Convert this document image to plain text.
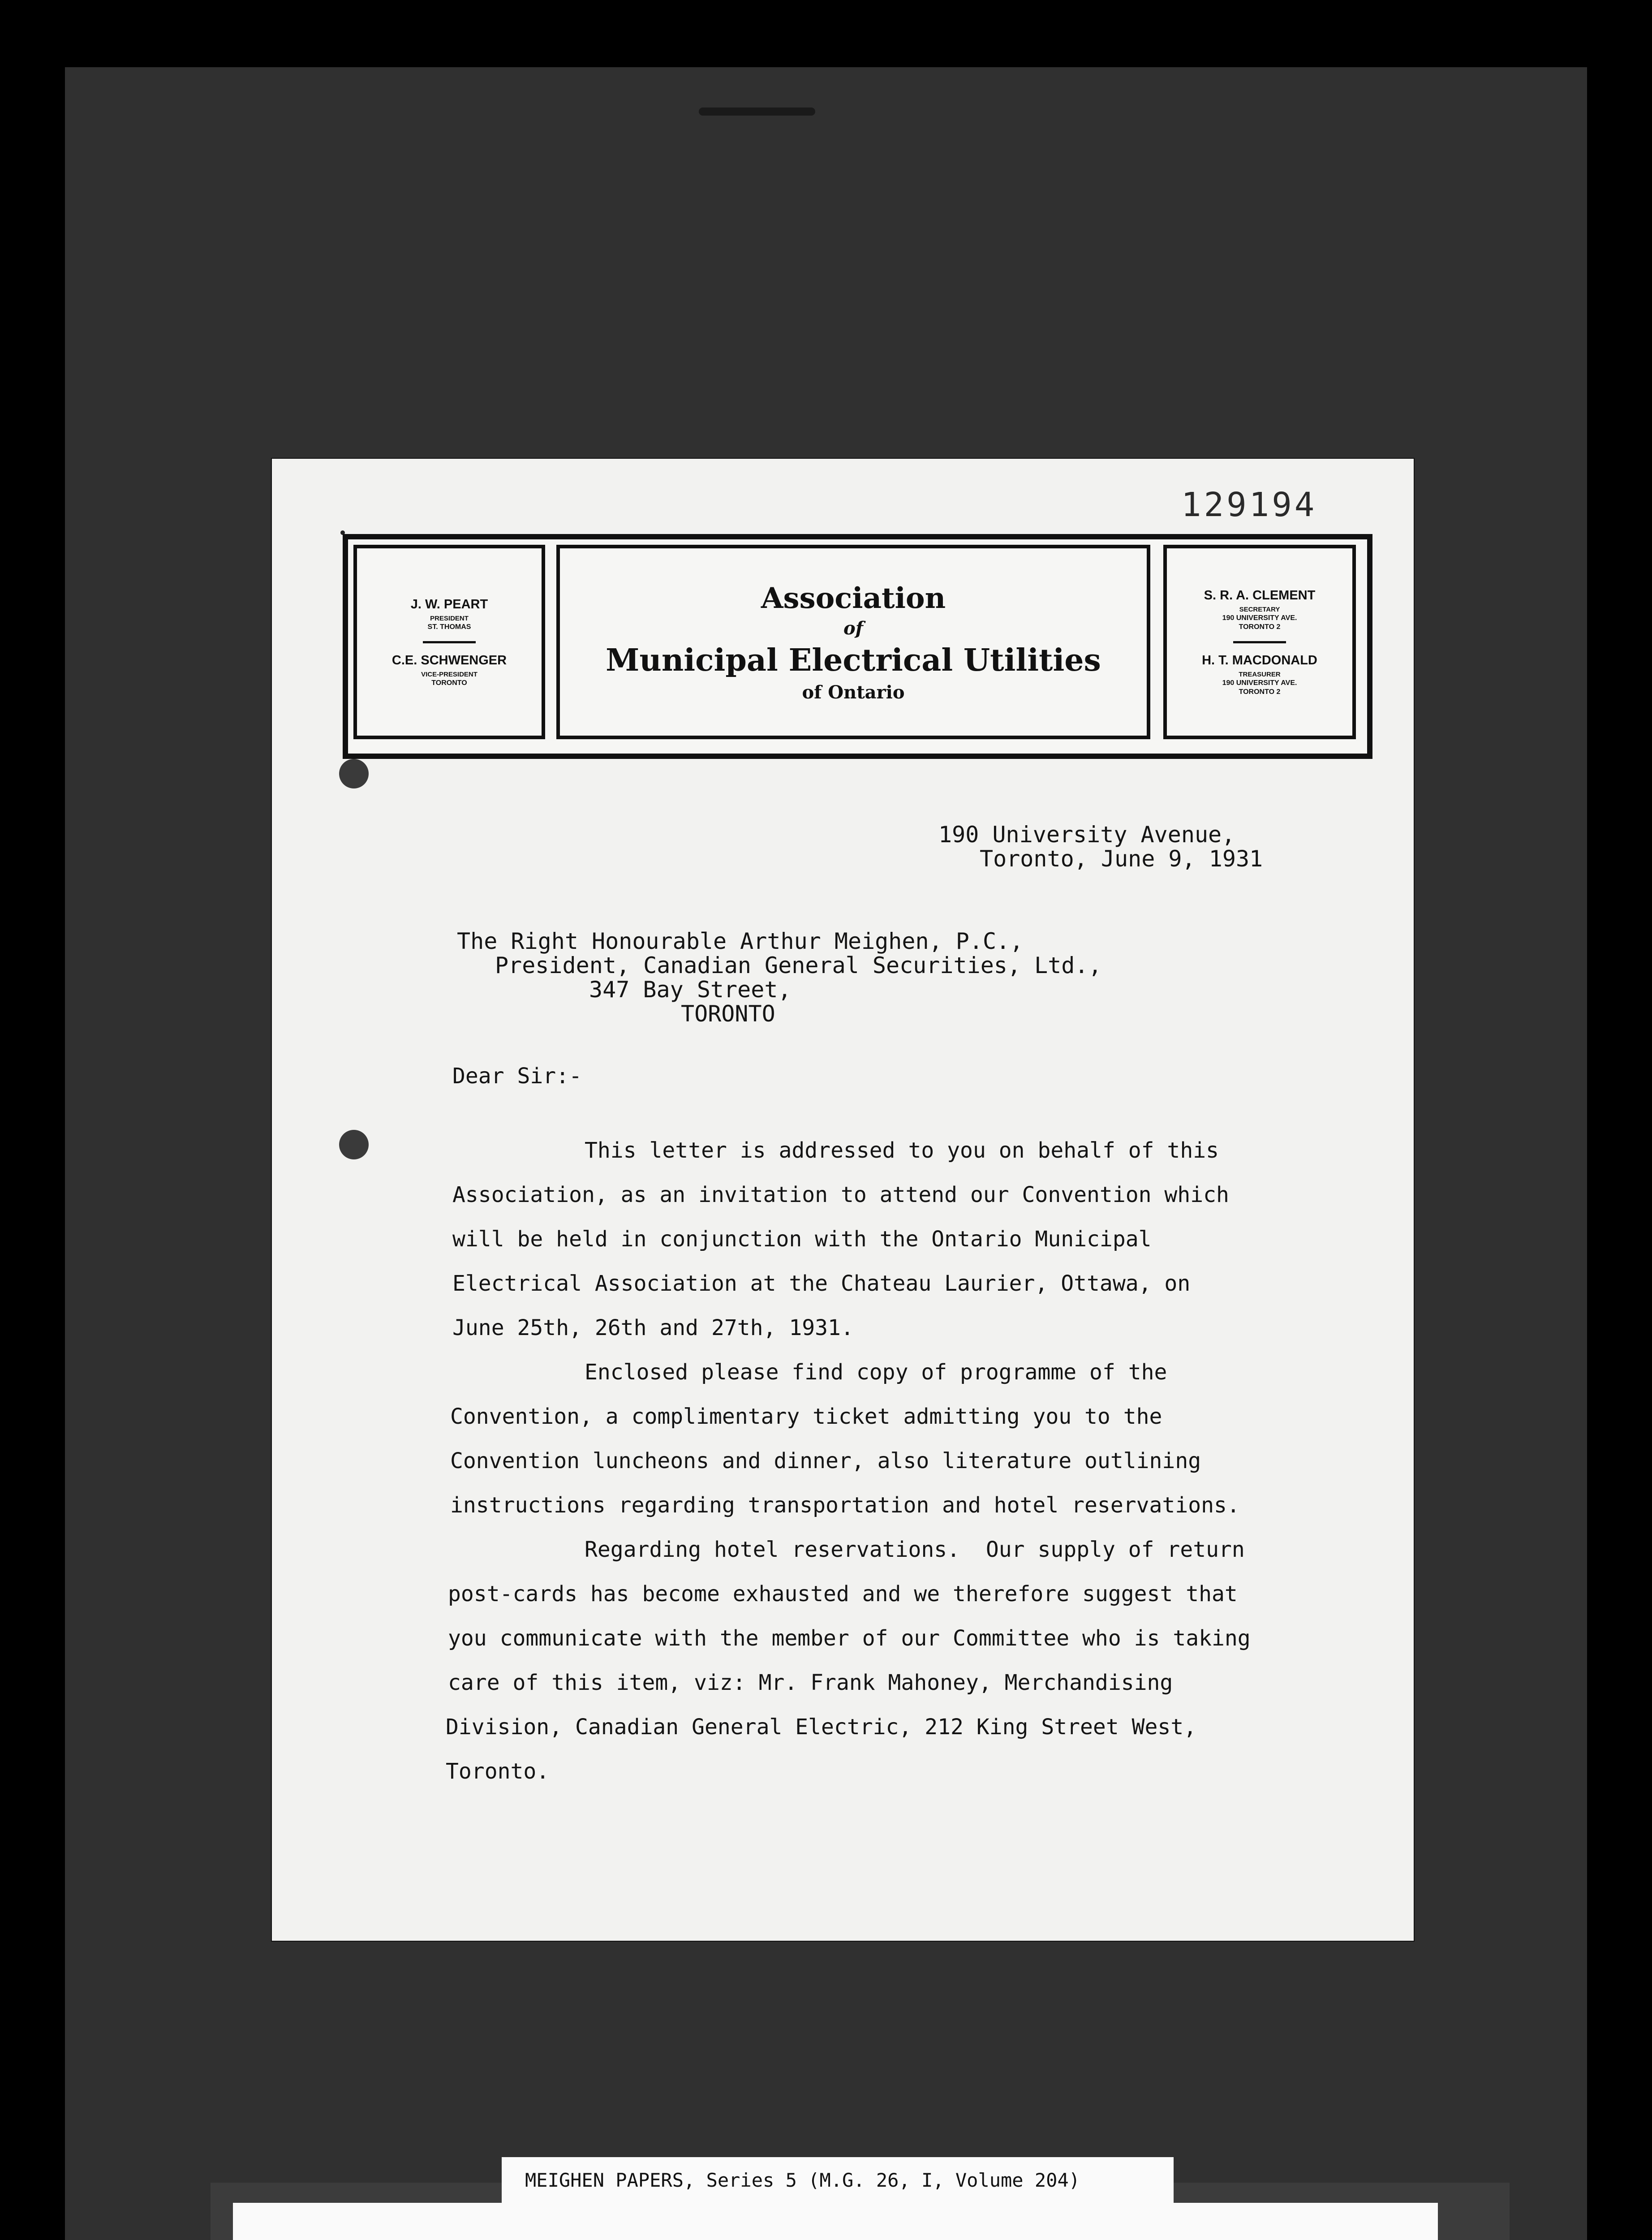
129194
J. W. PEART
PRESIDENT
ST. THOMAS
C.E. SCHWENGER
VICE-PRESIDENT
TORONTO
Association
of
Municipal Electrical Utilities
of Ontario
S. R. A. CLEMENT
SECRETARY
190 UNIVERSITY AVE.
TORONTO 2
H. T. MACDONALD
TREASURER
190 UNIVERSITY AVE.
TORONTO 2
190 University Avenue,
Toronto, June 9, 1931
The Right Honourable Arthur Meighen, P.C.,
President, Canadian General Securities, Ltd.,
347 Bay Street,
TORONTO
Dear Sir:-
This letter is addressed to you on behalf of this
Association, as an invitation to attend our Convention which
will be held in conjunction with the Ontario Municipal
Electrical Association at the Chateau Laurier, Ottawa, on
June 25th, 26th and 27th, 1931.
Enclosed please find copy of programme of the
Convention, a complimentary ticket admitting you to the
Convention luncheons and dinner, also literature outlining
instructions regarding transportation and hotel reservations.
Regarding hotel reservations.  Our supply of return
post-cards has become exhausted and we therefore suggest that
you communicate with the member of our Committee who is taking
care of this item, viz: Mr. Frank Mahoney, Merchandising
Division, Canadian General Electric, 212 King Street West,
Toronto.
MEIGHEN PAPERS, Series 5 (M.G. 26, I, Volume 204)
